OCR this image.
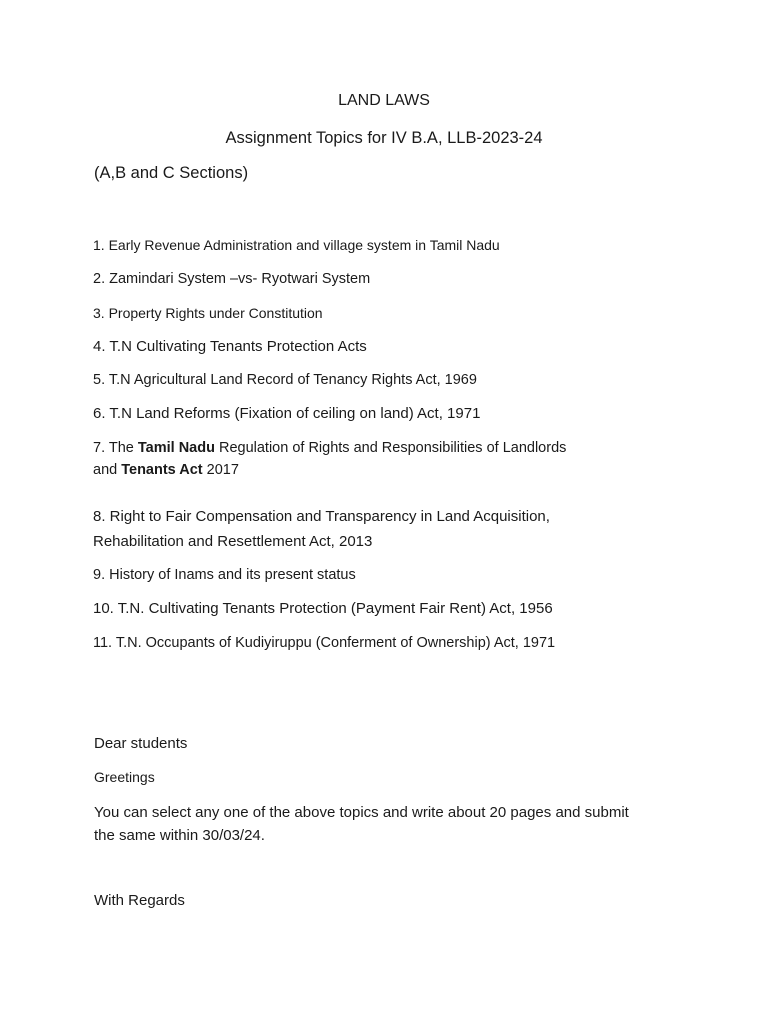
LAND LAWS
Assignment Topics for IV B.A, LLB-2023-24

(A,B and C Sections)

1. Early Revenue Administration and village system in Tamil Nadu
2. Zamindari System –vs- Ryotwari System
3. Property Rights under Constitution
4. T.N Cultivating Tenants Protection Acts
5. T.N Agricultural Land Record of Tenancy Rights Act, 1969
6. T.N Land Reforms (Fixation of ceiling on land) Act, 1971
7. The Tamil Nadu Regulation of Rights and Responsibilities of Landlords
and Tenants Act 2017
8. Right to Fair Compensation and Transparency in Land Acquisition,
Rehabilitation and Resettlement Act, 2013
9. History of Inams and its present status
10. T.N. Cultivating Tenants Protection (Payment Fair Rent) Act, 1956
11. T.N. Occupants of Kudiyiruppu (Conferment of Ownership) Act, 1971

Dear students

Greetings

You can select any one of the above topics and write about 20 pages and submit
the same within 30/03/24.

With Regards
